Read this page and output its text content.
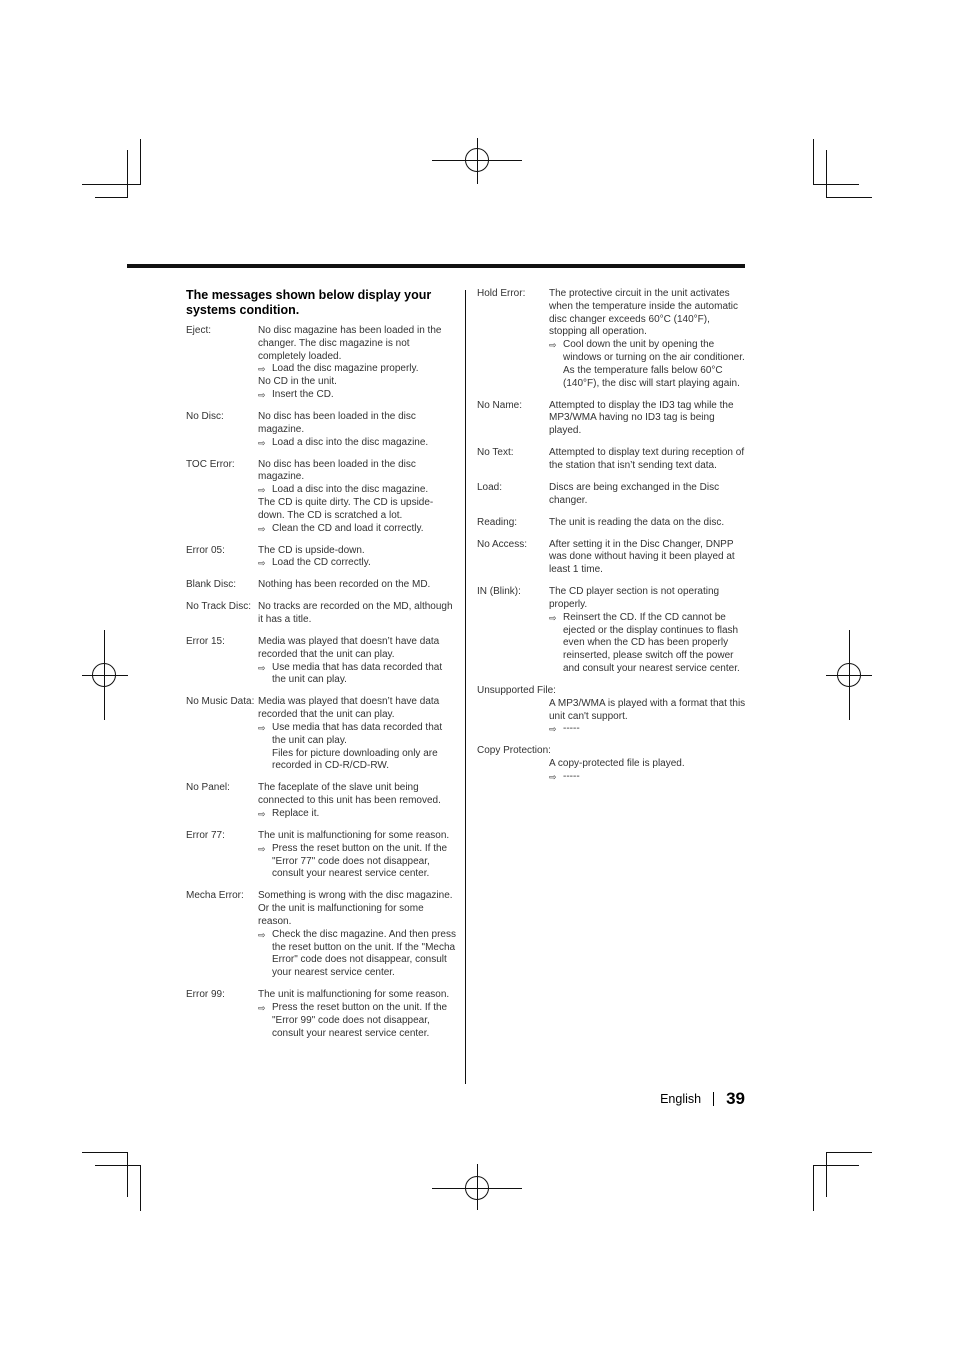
The messages shown below display your systems condition.
Eject:	No disc magazine has been loaded in the changer. The disc magazine is not completely loaded.
⇨ Load the disc magazine properly.
No CD in the unit.
⇨ Insert the CD.
No Disc:	No disc has been loaded in the disc magazine.
⇨ Load a disc into the disc magazine.
TOC Error:	No disc has been loaded in the disc magazine.
⇨ Load a disc into the disc magazine.
The CD is quite dirty. The CD is upside-down. The CD is scratched a lot.
⇨ Clean the CD and load it correctly.
Error 05:	The CD is upside-down.
⇨ Load the CD correctly.
Blank Disc:	Nothing has been recorded on the MD.
No Track Disc: No tracks are recorded on the MD, although it has a title.
Error 15:	Media was played that doesn’t have data recorded that the unit can play.
⇨ Use media that has data recorded that the unit can play.
No Music Data: Media was played that doesn’t have data recorded that the unit can play.
⇨ Use media that has data recorded that the unit can play.
Files for picture downloading only are recorded in CD-R/CD-RW.
No Panel:	The faceplate of the slave unit being connected to this unit has been removed.
⇨ Replace it.
Error 77:	The unit is malfunctioning for some reason.
⇨ Press the reset button on the unit. If the "Error 77" code does not disappear, consult your nearest service center.
Mecha Error:	Something is wrong with the disc magazine. Or the unit is malfunctioning for some reason.
⇨ Check the disc magazine. And then press the reset button on the unit. If the "Mecha Error" code does not disappear, consult your nearest service center.
Error 99:	The unit is malfunctioning for some reason.
⇨ Press the reset button on the unit. If the "Error 99" code does not disappear, consult your nearest service center.
Hold Error:	The protective circuit in the unit activates when the temperature inside the automatic disc changer exceeds 60°C (140°F), stopping all operation.
⇨ Cool down the unit by opening the windows or turning on the air conditioner. As the temperature falls below 60°C (140°F), the disc will start playing again.
No Name:	Attempted to display the ID3 tag while the MP3/WMA having no ID3 tag is being played.
No Text:	Attempted to display text during reception of the station that isn’t sending text data.
Load:	Discs are being exchanged in the Disc changer.
Reading:	The unit is reading the data on the disc.
No Access:	After setting it in the Disc Changer, DNPP was done without having it been played at least 1 time.
IN (Blink):	The CD player section is not operating properly.
⇨ Reinsert the CD. If the CD cannot be ejected or the display continues to flash even when the CD has been properly reinserted, please switch off the power and consult your nearest service center.
Unsupported File:
A MP3/WMA is played with a format that this unit can't support.
⇨ -----
Copy Protection:
A copy-protected file is played.
⇨ -----
English 39
